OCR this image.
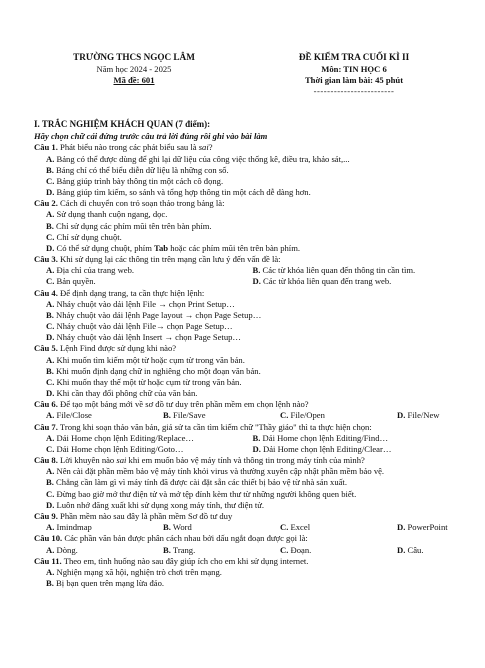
TRƯỜNG THCS NGỌC LÂM
Năm học 2024 - 2025
Mã đề: 601
ĐỀ KIỂM TRA CUỐI KÌ II
Môn: TIN HỌC 6
Thời gian làm bài: 45 phút
------------------------
I. TRẮC NGHIỆM KHÁCH QUAN (7 điểm):
Hãy chọn chữ cái đứng trước câu trả lời đúng rồi ghi vào bài làm
Câu 1. Phát biểu nào trong các phát biểu sau là sai?
A. Bảng có thể được dùng để ghi lại dữ liệu của công việc thống kê, điều tra, khảo sát,...
B. Bảng chỉ có thể biểu diễn dữ liệu là những con số.
C. Bảng giúp trình bày thông tin một cách cô đọng.
D. Bảng giúp tìm kiếm, so sánh và tổng hợp thông tin một cách dễ dàng hơn.
Câu 2. Cách di chuyển con trỏ soạn thảo trong bảng là:
A. Sử dụng thanh cuộn ngang, dọc.
B. Chỉ sử dụng các phím mũi tên trên bàn phím.
C. Chỉ sử dụng chuột.
D. Có thể sử dụng chuột, phím Tab hoặc các phím mũi tên trên bàn phím.
Câu 3. Khi sử dụng lại các thông tin trên mạng cần lưu ý đến vấn đề là:
A. Địa chỉ của trang web.	B. Các từ khóa liên quan đến thông tin cần tìm.
C. Bản quyền.	D. Các từ khóa liên quan đến trang web.
Câu 4. Để định dạng trang, ta cần thực hiện lệnh:
A. Nháy chuột vào dải lệnh File → chọn Print Setup…
B. Nháy chuột vào dải lệnh Page layout → chọn Page Setup…
C. Nháy chuột vào dải lệnh File→ chọn Page Setup…
D. Nháy chuột vào dải lệnh Insert → chọn Page Setup…
Câu 5. Lệnh Find được sử dụng khi nào?
A. Khi muốn tìm kiếm một từ hoặc cụm từ trong văn bản.
B. Khi muốn định dạng chữ in nghiêng cho một đoạn văn bản.
C. Khi muốn thay thế một từ hoặc cụm từ trong văn bản.
D. Khi cần thay đổi phông chữ của văn bản.
Câu 6. Để tạo một bảng mới về sơ đồ tư duy trên phần mềm em chọn lệnh nào?
A. File/Close	B. File/Save	C. File/Open	D. File/New
Câu 7. Trong khi soạn thảo văn bản, giả sử ta cần tìm kiếm chữ "Thầy giáo" thì ta thực hiện chọn:
A. Dải Home chọn lệnh Editing/Replace…	B. Dải Home chọn lệnh Editing/Find…
C. Dải Home chọn lệnh Editing/Goto…	D. Dải Home chọn lệnh Editing/Clear…
Câu 8. Lời khuyên nào sai khi em muốn bảo vệ máy tính và thông tin trong máy tính của mình?
A. Nên cài đặt phần mềm bảo vệ máy tính khỏi virus và thường xuyên cập nhật phần mềm bảo vệ.
B. Chẳng cần làm gì vì máy tính đã được cài đặt sẵn các thiết bị bảo vệ từ nhà sản xuất.
C. Đừng bao giờ mở thư điện tử và mở tệp đính kèm thư từ những người không quen biết.
D. Luôn nhớ đăng xuất khi sử dụng xong máy tính, thư điện tử.
Câu 9. Phần mềm nào sau đây là phần mềm Sơ đồ tư duy
A. Imindmap	B. Word	C. Excel	D. PowerPoint
Câu 10. Các phần văn bản được phân cách nhau bởi dấu ngắt đoạn được gọi là:
A. Dòng.	B. Trang.	C. Đoạn.	D. Câu.
Câu 11. Theo em, tình huống nào sau đây giúp ích cho em khi sử dụng internet.
A. Nghiện mạng xã hội, nghiện trò chơi trên mạng.
B. Bị bạn quen trên mạng lừa đảo.
